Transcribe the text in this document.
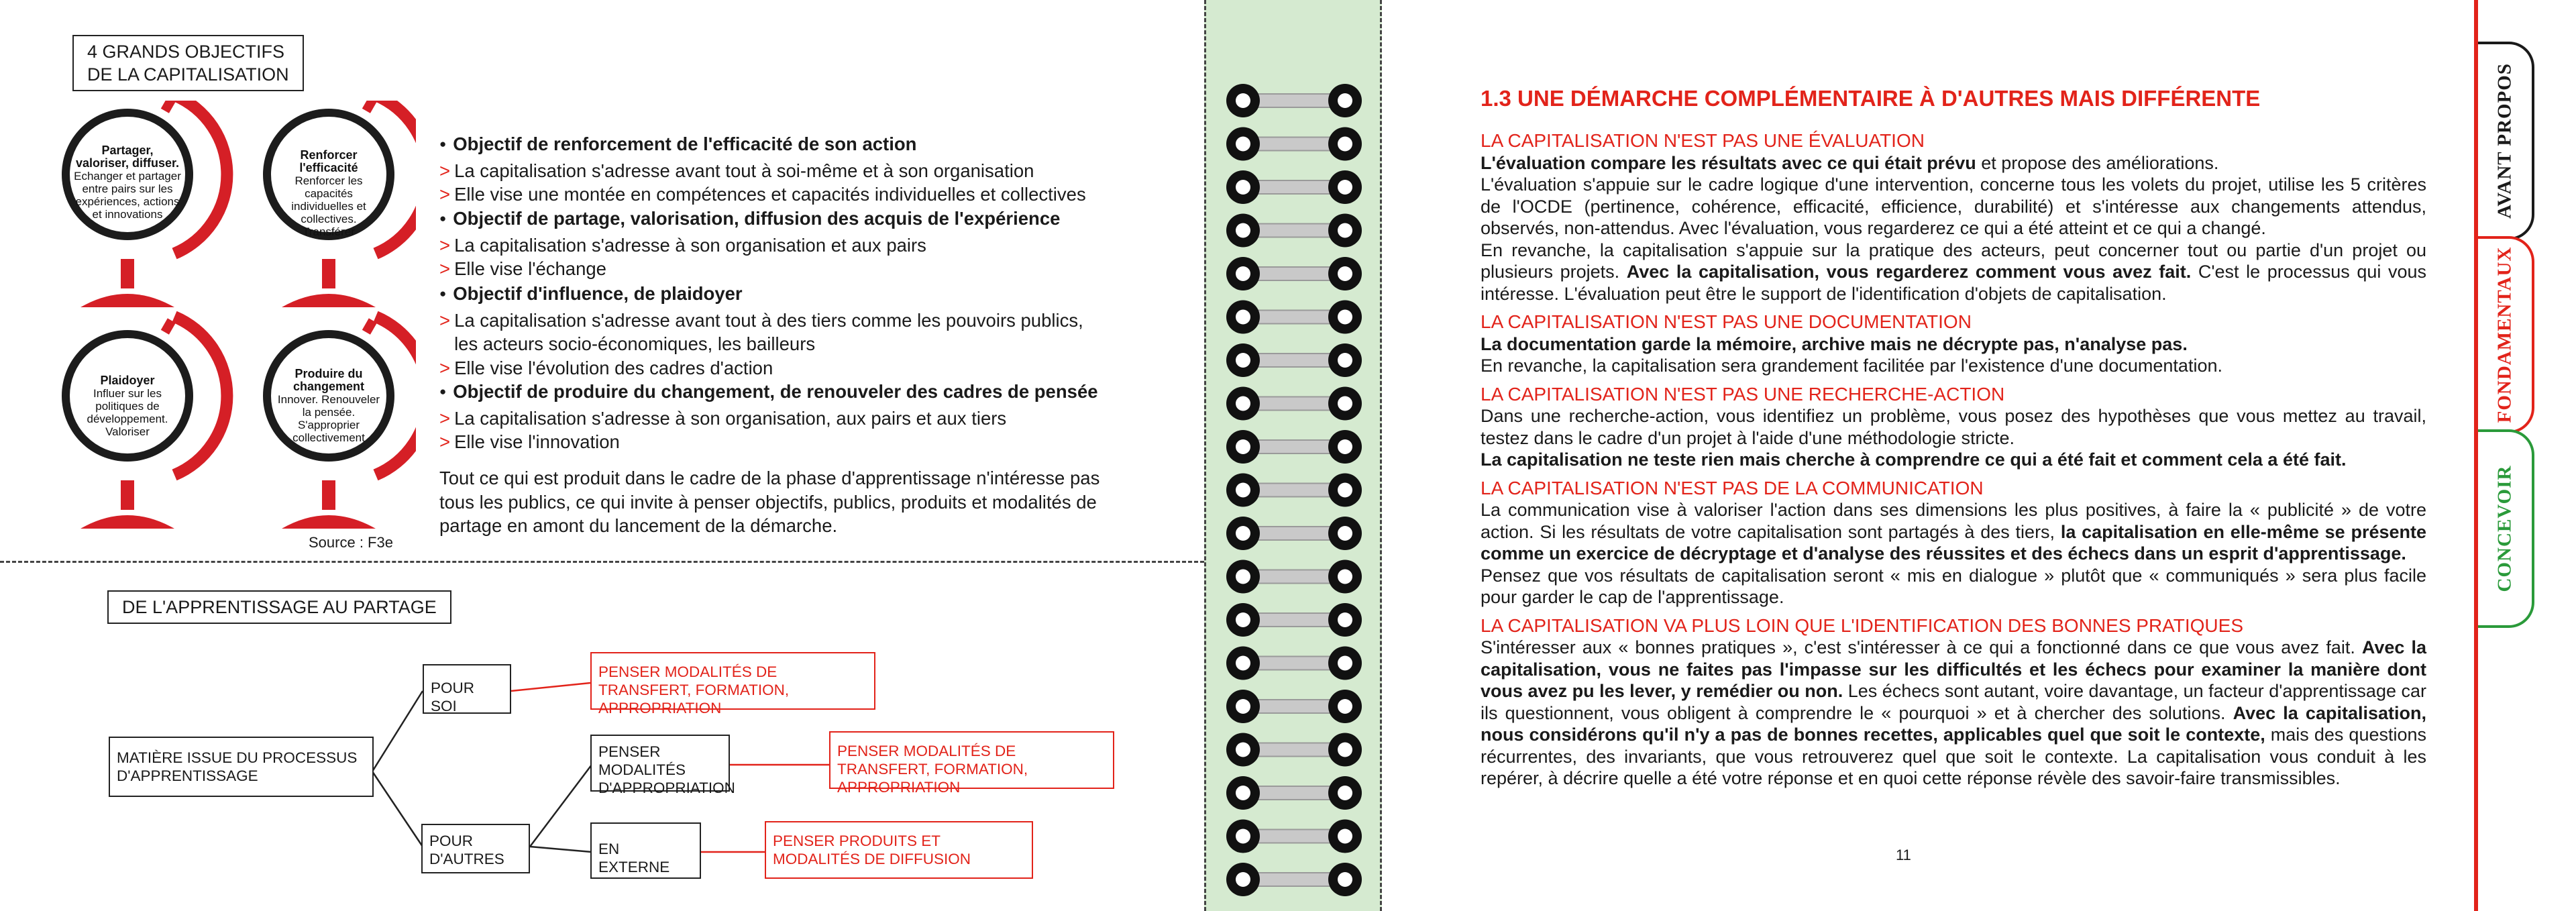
4 GRANDS OBJECTIFS
DE LA CAPITALISATION
Partager, valoriser, diffuser.
Echanger et partager entre pairs sur les expériences, actions et innovations
Renforcer l'efficacité
Renforcer les capacités individuelles et collectives. Transférer
Plaidoyer
Influer sur les politiques de développement. Valoriser
Produire du changement
Innover. Renouveler la pensée. S'approprier collectivement
Source : F3e
● Objectif de renforcement de l'efficacité de son action
> La capitalisation s'adresse avant tout à soi-même et à son organisation
> Elle vise une montée en compétences et capacités individuelles et collectives
● Objectif de partage, valorisation, diffusion des acquis de l'expérience
> La capitalisation s'adresse à son organisation et aux pairs
> Elle vise l'échange
● Objectif d'influence, de plaidoyer
> La capitalisation s'adresse avant tout à des tiers comme les pouvoirs publics, les acteurs socio-économiques, les bailleurs
> Elle vise l'évolution des cadres d'action
● Objectif de produire du changement, de renouveler des cadres de pensée
> La capitalisation s'adresse à son organisation, aux pairs et aux tiers
> Elle vise l'innovation
Tout ce qui est produit dans le cadre de la phase d'apprentissage n'intéresse pas tous les publics, ce qui invite à penser objectifs, publics, produits et modalités de partage en amont du lancement de la démarche.
DE L'APPRENTISSAGE AU PARTAGE
MATIÈRE ISSUE DU PROCESSUS D'APPRENTISSAGE
POUR SOI
POUR D'AUTRES
PENSER MODALITÉS D'APPROPRIATION
EN EXTERNE
PENSER MODALITÉS DE TRANSFERT, FORMATION, APPROPRIATION
PENSER MODALITÉS DE TRANSFERT, FORMATION, APPROPRIATION
PENSER PRODUITS ET MODALITÉS DE DIFFUSION
1.3 UNE DÉMARCHE COMPLÉMENTAIRE À D'AUTRES MAIS DIFFÉRENTE

LA CAPITALISATION N'EST PAS UNE ÉVALUATION

L'évaluation compare les résultats avec ce qui était prévu et propose des améliorations.

L'évaluation s'appuie sur le cadre logique d'une intervention, concerne tous les volets du projet, utilise les 5 critères de l'OCDE (pertinence, cohérence, efficacité, efficience, durabilité) et s'intéresse aux changements attendus, observés, non-attendus. Avec l'évaluation, vous regarderez ce qui a été atteint et ce qui a changé.

En revanche, la capitalisation s'appuie sur la pratique des acteurs, peut concerner tout ou partie d'un projet ou plusieurs projets. Avec la capitalisation, vous regarderez comment vous avez fait. C'est le processus qui vous intéresse. L'évaluation peut être le support de l'identification d'objets de capitalisation.

LA CAPITALISATION N'EST PAS UNE DOCUMENTATION

La documentation garde la mémoire, archive mais ne décrypte pas, n'analyse pas.

En revanche, la capitalisation sera grandement facilitée par l'existence d'une documentation.

LA CAPITALISATION N'EST PAS UNE RECHERCHE-ACTION

Dans une recherche-action, vous identifiez un problème, vous posez des hypothèses que vous mettez au travail, testez dans le cadre d'un projet à l'aide d'une méthodologie stricte.

La capitalisation ne teste rien mais cherche à comprendre ce qui a été fait et comment cela a été fait.

LA CAPITALISATION N'EST PAS DE LA COMMUNICATION

La communication vise à valoriser l'action dans ses dimensions les plus positives, à faire la « publicité » de votre action. Si les résultats de votre capitalisation sont partagés à des tiers, la capitalisation en elle-même se présente comme un exercice de décryptage et d'analyse des réussites et des échecs dans un esprit d'apprentissage.

Pensez que vos résultats de capitalisation seront « mis en dialogue » plutôt que « communiqués » sera plus facile pour garder le cap de l'apprentissage.

LA CAPITALISATION VA PLUS LOIN QUE L'IDENTIFICATION DES BONNES PRATIQUES

S'intéresser aux « bonnes pratiques », c'est s'intéresser à ce qui a fonctionné dans ce que vous avez fait. Avec la capitalisation, vous ne faites pas l'impasse sur les difficultés et les échecs pour examiner la manière dont vous avez pu les lever, y remédier ou non. Les échecs sont autant, voire davantage, un facteur d'apprentissage car ils questionnent, vous obligent à comprendre le « pourquoi » et à chercher des solutions. Avec la capitalisation, nous considérons qu'il n'y a pas de bonnes recettes, applicables quel que soit le contexte, mais des questions récurrentes, des invariants, que vous retrouverez quel que soit le contexte. La capitalisation vous conduit à les repérer, à décrire quelle a été votre réponse et en quoi cette réponse révèle des savoir-faire transmissibles.

11
AVANT PROPOS
FONDAMENTAUX
CONCEVOIR
